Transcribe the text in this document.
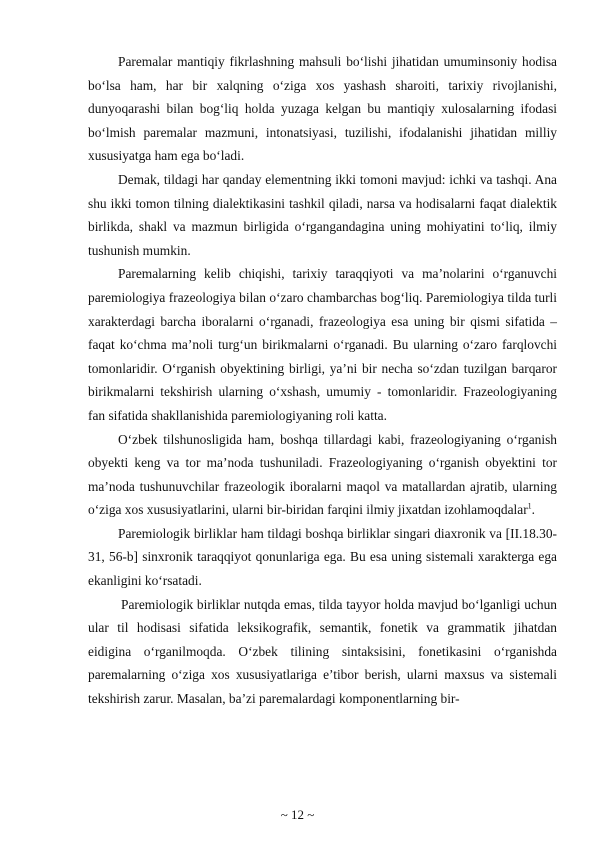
Paremalar mantiqiy fikrlashning mahsuli bo‘lishi jihatidan umuminsoniy hodisa bo‘lsa ham, har bir xalqning o‘ziga xos yashash sharoiti, tarixiy rivojlanishi, dunyoqarashi bilan bog‘liq holda yuzaga kelgan bu mantiqiy xulosalarning ifodasi bo‘lmish paremalar mazmuni, intonatsiyasi, tuzilishi, ifodalanishi jihatidan milliy xususiyatga ham ega bo‘ladi.

Demak, tildagi har qanday elementning ikki tomoni mavjud: ichki va tashqi. Ana shu ikki tomon tilning dialektikasini tashkil qiladi, narsa va hodisalarni faqat dialektik birlikda, shakl va mazmun birligida o‘rgangandagina uning mohiyatini to‘liq, ilmiy tushunish mumkin.

Paremalarning kelib chiqishi, tarixiy taraqqiyoti va ma’nolarini o‘rganuvchi paremiologiya frazeologiya bilan o‘zaro chambarchas bog‘liq. Paremiologiya tilda turli xarakterdagi barcha iboralarni o‘rganadi, frazeologiya esa uning bir qismi sifatida – faqat ko‘chma ma’noli turg‘un birikmalarni o‘rganadi. Bu ularning o‘zaro farqlovchi tomonlaridir. O‘rganish obyektining birligi, ya’ni bir necha so‘zdan tuzilgan barqaror birikmalarni tekshirish ularning o‘xshash, umumiy - tomonlaridir. Frazeologiyaning fan sifatida shakllanishida paremiologiyaning roli katta.

O‘zbek tilshunosligida ham, boshqa tillardagi kabi, frazeologiyaning o‘rganish obyekti keng va tor ma’noda tushuniladi. Frazeologiyaning o‘rganish obyektini tor ma’noda tushunuvchilar frazeologik iboralarni maqol va matallardan ajratib, ularning o‘ziga xos xususiyatlarini, ularni bir-biridan farqini ilmiy jixatdan izohlamoqdalar$^1$.

Paremiologik birliklar ham tildagi boshqa birliklar singari diaxronik va [II.18.30-31, 56-b] sinxronik taraqqiyot qonunlariga ega. Bu esa uning sistemali xarakterga ega ekanligini ko‘rsatadi.

Paremiologik birliklar nutqda emas, tilda tayyor holda mavjud bo‘lganligi uchun ular til hodisasi sifatida leksikografik, semantik, fonetik va grammatik jihatdan eidigina o‘rganilmoqda. O‘zbek tilining sintaksisini, fonetikasini o‘rganishda paremalarning o‘ziga xos xususiyatlariga e’tibor berish, ularni maxsus va sistemali tekshirish zarur. Masalan, ba’zi paremalardagi komponentlarning bir-

~ 12 ~
